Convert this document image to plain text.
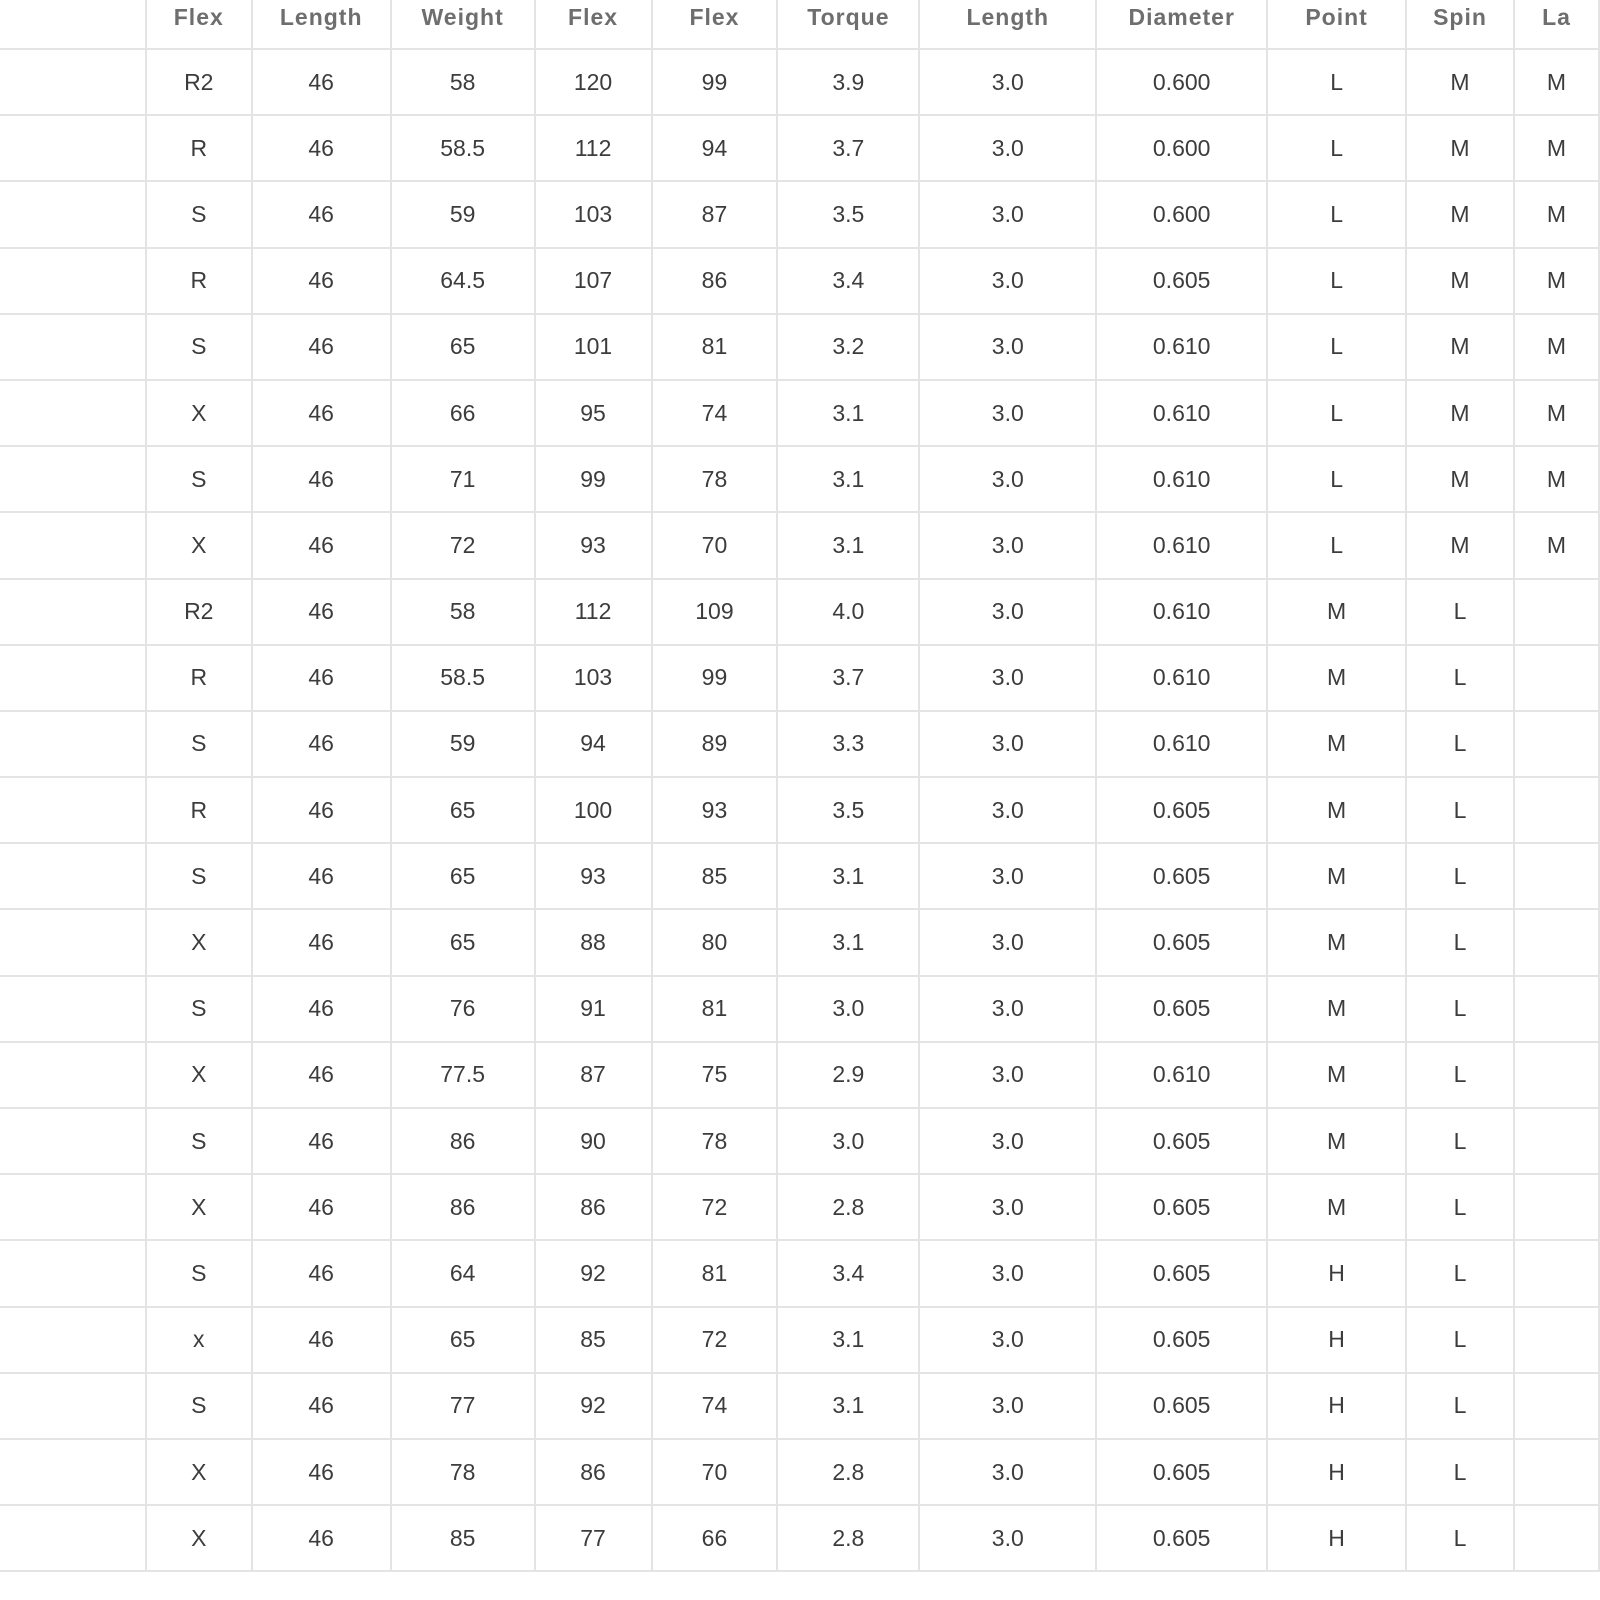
	Flex	Length	Weight	Flex	Flex	Torque	Length	Diameter	Point	Spin	La
	R2	46	58	120	99	3.9	3.0	0.600	L	M	M
	R	46	58.5	112	94	3.7	3.0	0.600	L	M	M
	S	46	59	103	87	3.5	3.0	0.600	L	M	M
	R	46	64.5	107	86	3.4	3.0	0.605	L	M	M
	S	46	65	101	81	3.2	3.0	0.610	L	M	M
	X	46	66	95	74	3.1	3.0	0.610	L	M	M
	S	46	71	99	78	3.1	3.0	0.610	L	M	M
	X	46	72	93	70	3.1	3.0	0.610	L	M	M
	R2	46	58	112	109	4.0	3.0	0.610	M	L	
	R	46	58.5	103	99	3.7	3.0	0.610	M	L	
	S	46	59	94	89	3.3	3.0	0.610	M	L	
	R	46	65	100	93	3.5	3.0	0.605	M	L	
	S	46	65	93	85	3.1	3.0	0.605	M	L	
	X	46	65	88	80	3.1	3.0	0.605	M	L	
	S	46	76	91	81	3.0	3.0	0.605	M	L	
	X	46	77.5	87	75	2.9	3.0	0.610	M	L	
	S	46	86	90	78	3.0	3.0	0.605	M	L	
	X	46	86	86	72	2.8	3.0	0.605	M	L	
	S	46	64	92	81	3.4	3.0	0.605	H	L	
	x	46	65	85	72	3.1	3.0	0.605	H	L	
	S	46	77	92	74	3.1	3.0	0.605	H	L	
	X	46	78	86	70	2.8	3.0	0.605	H	L	
	X	46	85	77	66	2.8	3.0	0.605	H	L	
